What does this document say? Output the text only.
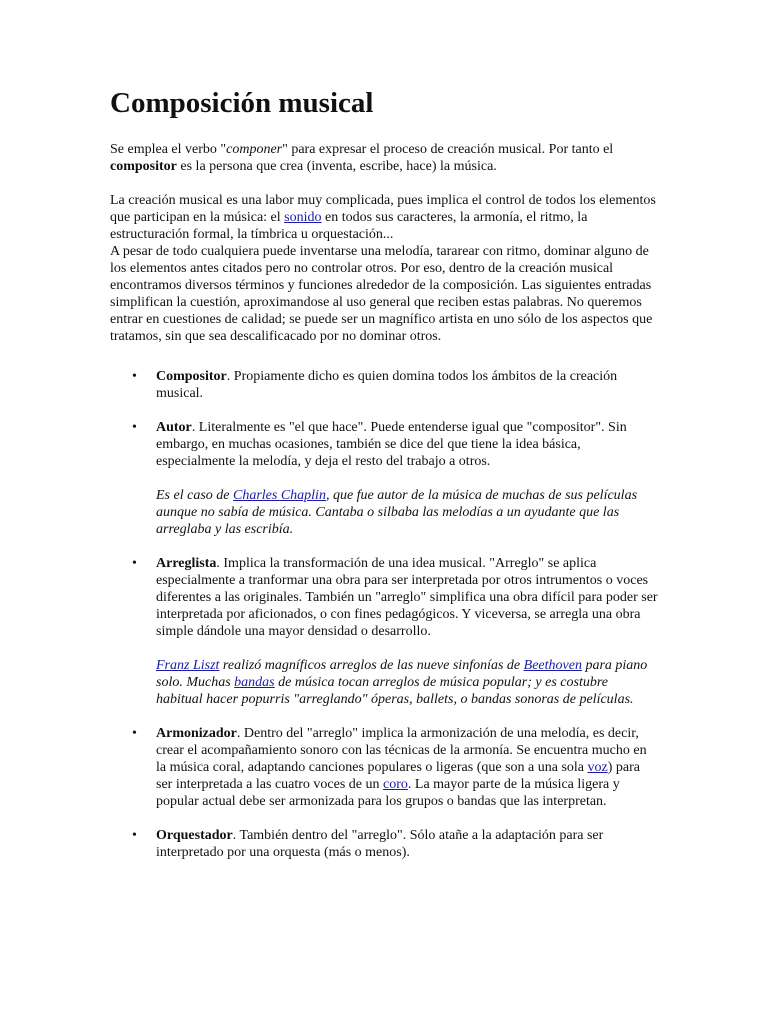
Composición musical

Se emplea el verbo "componer" para expresar el proceso de creación musical. Por tanto el compositor es la persona que crea (inventa, escribe, hace) la música.

La creación musical es una labor muy complicada, pues implica el control de todos los elementos que participan en la música: el sonido en todos sus caracteres, la armonía, el ritmo, la estructuración formal, la tímbrica u orquestación...

A pesar de todo cualquiera puede inventarse una melodía, tararear con ritmo, dominar alguno de los elementos antes citados pero no controlar otros. Por eso, dentro de la creación musical encontramos diversos términos y funciones alrededor de la composición. Las siguientes entradas simplifican la cuestión, aproximandose al uso general que reciben estas palabras. No queremos entrar en cuestiones de calidad; se puede ser un magnífico artista en uno sólo de los aspectos que tratamos, sin que sea descalificacado por no dominar otros.

• Compositor. Propiamente dicho es quien domina todos los ámbitos de la creación musical.
• Autor. Literalmente es "el que hace". Puede entenderse igual que "compositor". Sin embargo, en muchas ocasiones, también se dice del que tiene la idea básica, especialmente la melodía, y deja el resto del trabajo a otros.
Es el caso de Charles Chaplin, que fue autor de la música de muchas de sus películas aunque no sabía de música. Cantaba o silbaba las melodías a un ayudante que las arreglaba y las escribía.
• Arreglista. Implica la transformación de una idea musical. "Arreglo" se aplica especialmente a tranformar una obra para ser interpretada por otros intrumentos o voces diferentes a las originales. También un "arreglo" simplifica una obra difícil para poder ser interpretada por aficionados, o con fines pedagógicos. Y viceversa, se arregla una obra simple dándole una mayor densidad o desarrollo.
Franz Liszt realizó magníficos arreglos de las nueve sinfonías de Beethoven para piano solo. Muchas bandas de música tocan arreglos de música popular; y es costubre habitual hacer popurris "arreglando" óperas, ballets, o bandas sonoras de películas.
• Armonizador. Dentro del "arreglo" implica la armonización de una melodía, es decir, crear el acompañamiento sonoro con las técnicas de la armonía. Se encuentra mucho en la música coral, adaptando canciones populares o ligeras (que son a una sola voz) para ser interpretada a las cuatro voces de un coro. La mayor parte de la música ligera y popular actual debe ser armonizada para los grupos o bandas que las interpretan.
• Orquestador. También dentro del "arreglo". Sólo atañe a la adaptación para ser interpretado por una orquesta (más o menos).
